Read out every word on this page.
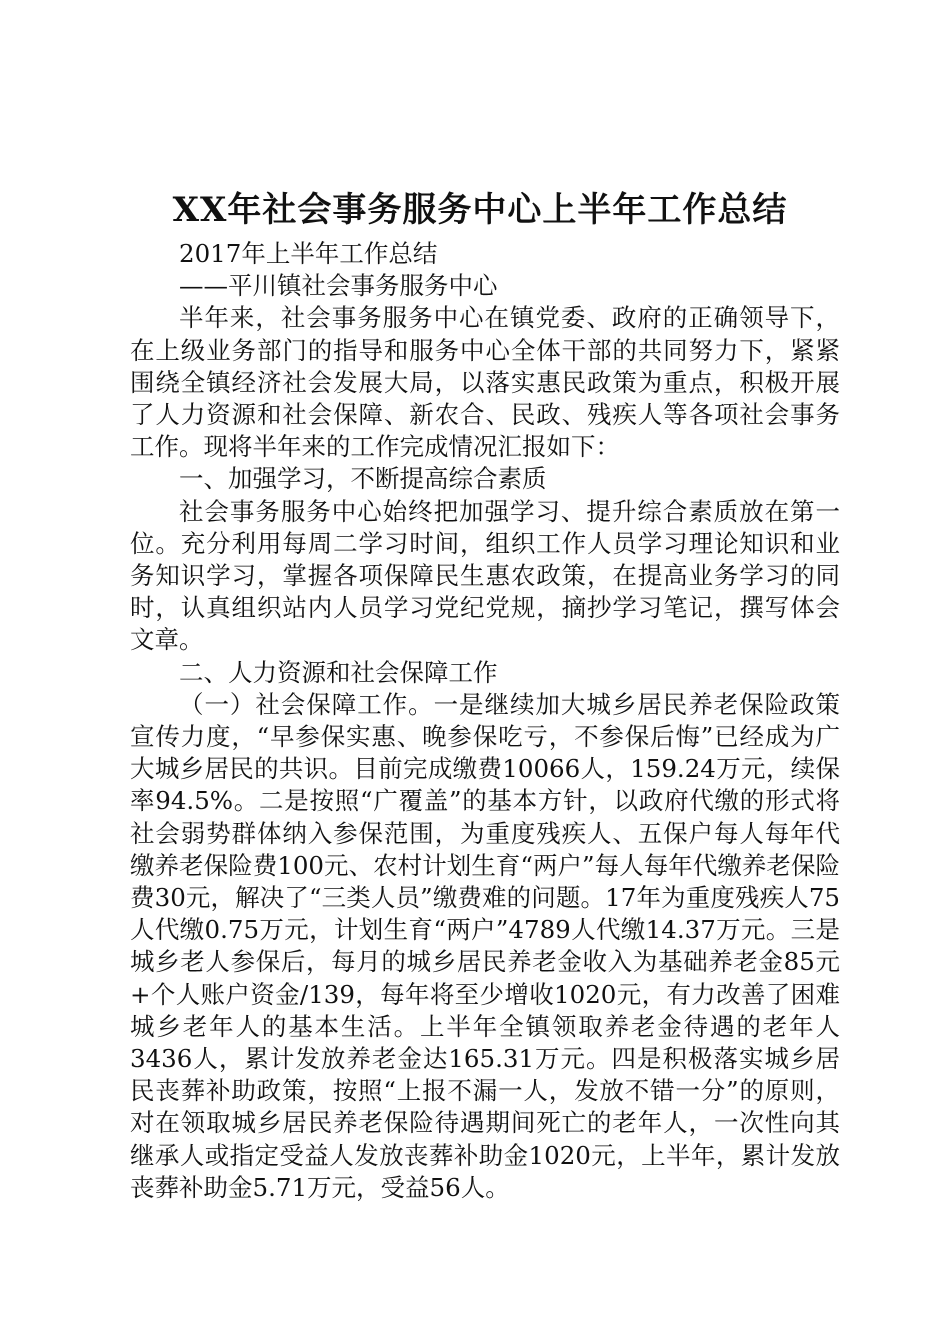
XX年社会事务服务中心上半年工作总结

2017年上半年工作总结

——平川镇社会事务服务中心

半年来，社会事务服务中心在镇党委、政府的正确领导下，在上级业务部门的指导和服务中心全体干部的共同努力下，紧紧围绕全镇经济社会发展大局，以落实惠民政策为重点，积极开展了人力资源和社会保障、新农合、民政、残疾人等各项社会事务工作。现将半年来的工作完成情况汇报如下：

一、加强学习，不断提高综合素质

社会事务服务中心始终把加强学习、提升综合素质放在第一位。充分利用每周二学习时间，组织工作人员学习理论知识和业务知识学习，掌握各项保障民生惠农政策，在提高业务学习的同时，认真组织站内人员学习党纪党规，摘抄学习笔记，撰写体会文章。

二、人力资源和社会保障工作

（一）社会保障工作。一是继续加大城乡居民养老保险政策宣传力度，“早参保实惠、晚参保吃亏，不参保后悔”已经成为广大城乡居民的共识。目前完成缴费10066人，159.24万元，续保率94.5%。二是按照“广覆盖”的基本方针，以政府代缴的形式将社会弱势群体纳入参保范围，为重度残疾人、五保户每人每年代缴养老保险费100元、农村计划生育“两户”每人每年代缴养老保险费30元，解决了“三类人员”缴费难的问题。17年为重度残疾人75人代缴0.75万元，计划生育“两户”4789人代缴14.37万元。三是城乡老人参保后，每月的城乡居民养老金收入为基础养老金85元+个人账户资金/139，每年将至少增收1020元，有力改善了困难城乡老年人的基本生活。上半年全镇领取养老金待遇的老年人3436人，累计发放养老金达165.31万元。四是积极落实城乡居民丧葬补助政策，按照“上报不漏一人，发放不错一分”的原则，对在领取城乡居民养老保险待遇期间死亡的老年人，一次性向其继承人或指定受益人发放丧葬补助金1020元，上半年，累计发放丧葬补助金5.71万元，受益56人。
